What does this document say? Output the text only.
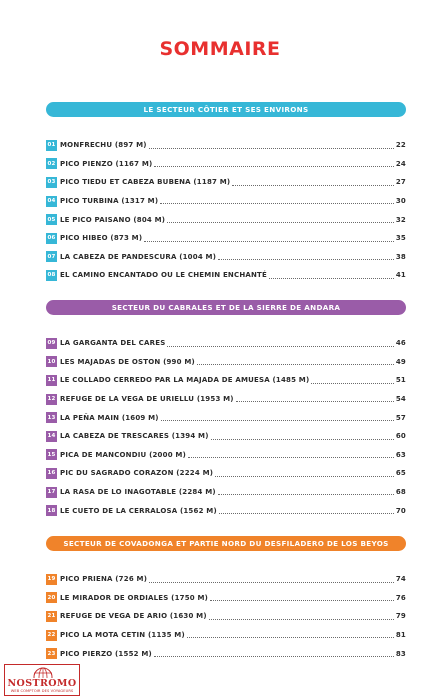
SOMMAIRE
LE SECTEUR CÔTIER ET SES ENVIRONS
01 MONFRECHU (897 M)	22
02 PICO PIENZO (1167 M)	24
03 PICO TIEDU ET CABEZA BUBENA (1187 M)	27
04 PICO TURBINA (1317 M)	30
05 LE PICO PAISANO (804 M)	32
06 PICO HIBEO (873 M)	35
07 LA CABEZA DE PANDESCURA (1004 M)	38
08 EL CAMINO ENCANTADO OU LE CHEMIN ENCHANTÉ	41
SECTEUR DU CABRALES ET DE LA SIERRE DE ANDARA
09 LA GARGANTA DEL CARES	46
10 LES MAJADAS DE OSTON (990 M)	49
11 LE COLLADO CERREDO PAR LA MAJADA DE AMUESA (1485 M)	51
12 REFUGE DE LA VEGA DE URIELLU (1953 M)	54
13 LA PEÑA MAIN (1609 M)	57
14 LA CABEZA DE TRESCARES (1394 M)	60
15 PICA DE MANCONDIU (2000 M)	63
16 PIC DU SAGRADO CORAZON (2224 M)	65
17 LA RASA DE LO INAGOTABLE (2284 M)	68
18 LE CUETO DE LA CERRALOSA (1562 M)	70
SECTEUR DE COVADONGA ET PARTIE NORD DU DESFILADERO DE LOS BEYOS
19 PICO PRIENA (726 M)	74
20 LE MIRADOR DE ORDIALES (1750 M)	76
21 REFUGE DE VEGA DE ARIO (1630 M)	79
22 PICO LA MOTA CETIN (1135 M)	81
23 PICO PIERZO (1552 M)	83
NOSTROMO
WEB COMPTOIR DES VOYAGEURS
